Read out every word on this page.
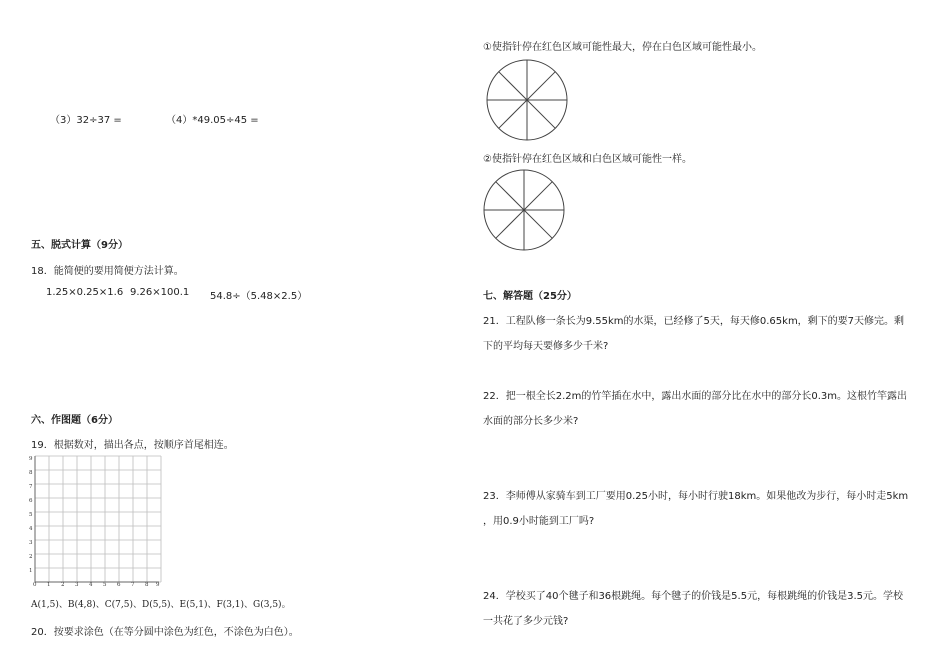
（3）32÷37 =	（4）*49.05÷45 =
五、脱式计算（9分）
18．能简便的要用简便方法计算。
1.25×0.25×1.6 9.26×100.1 54.8÷（5.48×2.5）
六、作图题（6分）
19．根据数对，描出各点，按顺序首尾相连。
9
8
7
6
5
4
3
2
1
0 1 2 3 4 5 6 7 8 9
A(1,5)、B(4,8)、C(7,5)、D(5,5)、E(5,1)、F(3,1)、G(3,5)。
20．按要求涂色（在等分圆中涂色为红色，不涂色为白色）。
①使指针停在红色区域可能性最大，停在白色区域可能性最小。
②使指针停在红色区域和白色区域可能性一样。
七、解答题（25分）
21．工程队修一条长为9.55km的水渠，已经修了5天，每天修0.65km，剩下的要7天修完。剩
下的平均每天要修多少千米?
22．把一根全长2.2m的竹竿插在水中，露出水面的部分比在水中的部分长0.3m。这根竹竿露出
水面的部分长多少米?
23．李师傅从家骑车到工厂要用0.25小时，每小时行驶18km。如果他改为步行，每小时走5km
，用0.9小时能到工厂吗?
24．学校买了40个毽子和36根跳绳。每个毽子的价钱是5.5元，每根跳绳的价钱是3.5元。学校
一共花了多少元钱?
